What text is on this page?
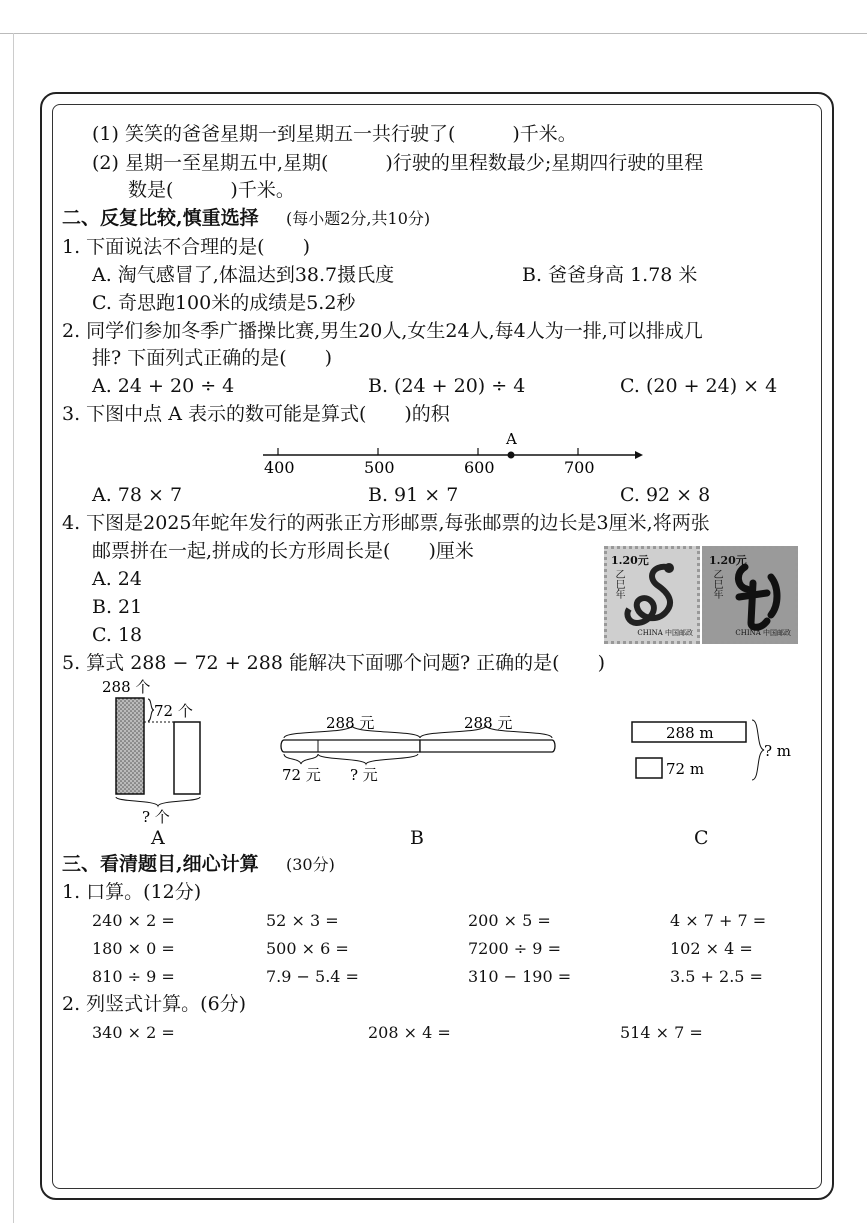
(1) 笑笑的爸爸星期一到星期五一共行驶了(　　　)千米。
(2) 星期一至星期五中,星期(　　　)行驶的里程数最少;星期四行驶的里程
数是(　　　)千米。
二、反复比较,慎重选择 (每小题2分,共10分)
1. 下面说法不合理的是(　　)
A. 淘气感冒了,体温达到38.7摄氏度	B. 爸爸身高 1.78 米
C. 奇思跑100米的成绩是5.2秒
2. 同学们参加冬季广播操比赛,男生20人,女生24人,每4人为一排,可以排成几
排? 下面列式正确的是(　　)
A. 24 + 20 ÷ 4	B. (24 + 20) ÷ 4	C. (20 + 24) × 4
3. 下图中点 A 表示的数可能是算式(　　)的积
A
400	500	600	700
A. 78 × 7	B. 91 × 7	C. 92 × 8
4. 下图是2025年蛇年发行的两张正方形邮票,每张邮票的边长是3厘米,将两张
邮票拼在一起,拼成的长方形周长是(　　)厘米
A. 24
B. 21
C. 18
1.20元
乙巳年
CHINA 中国邮政
1.20元
乙巳年
CHINA 中国邮政
5. 算式 288 − 72 + 288 能解决下面哪个问题? 正确的是(　　)
288 个
72 个
? 个
A
288 元	288 元
72 元 ? 元
B
288 m
72 m
? m
C
三、看清题目,细心计算 (30分)
1. 口算。(12分)
240 × 2 =	52 × 3 =	200 × 5 =	4 × 7 + 7 =
180 × 0 =	500 × 6 =	7200 ÷ 9 =	102 × 4 =
810 ÷ 9 =	7.9 − 5.4 =	310 − 190 =	3.5 + 2.5 =
2. 列竖式计算。(6分)
340 × 2 =	208 × 4 =	514 × 7 =
